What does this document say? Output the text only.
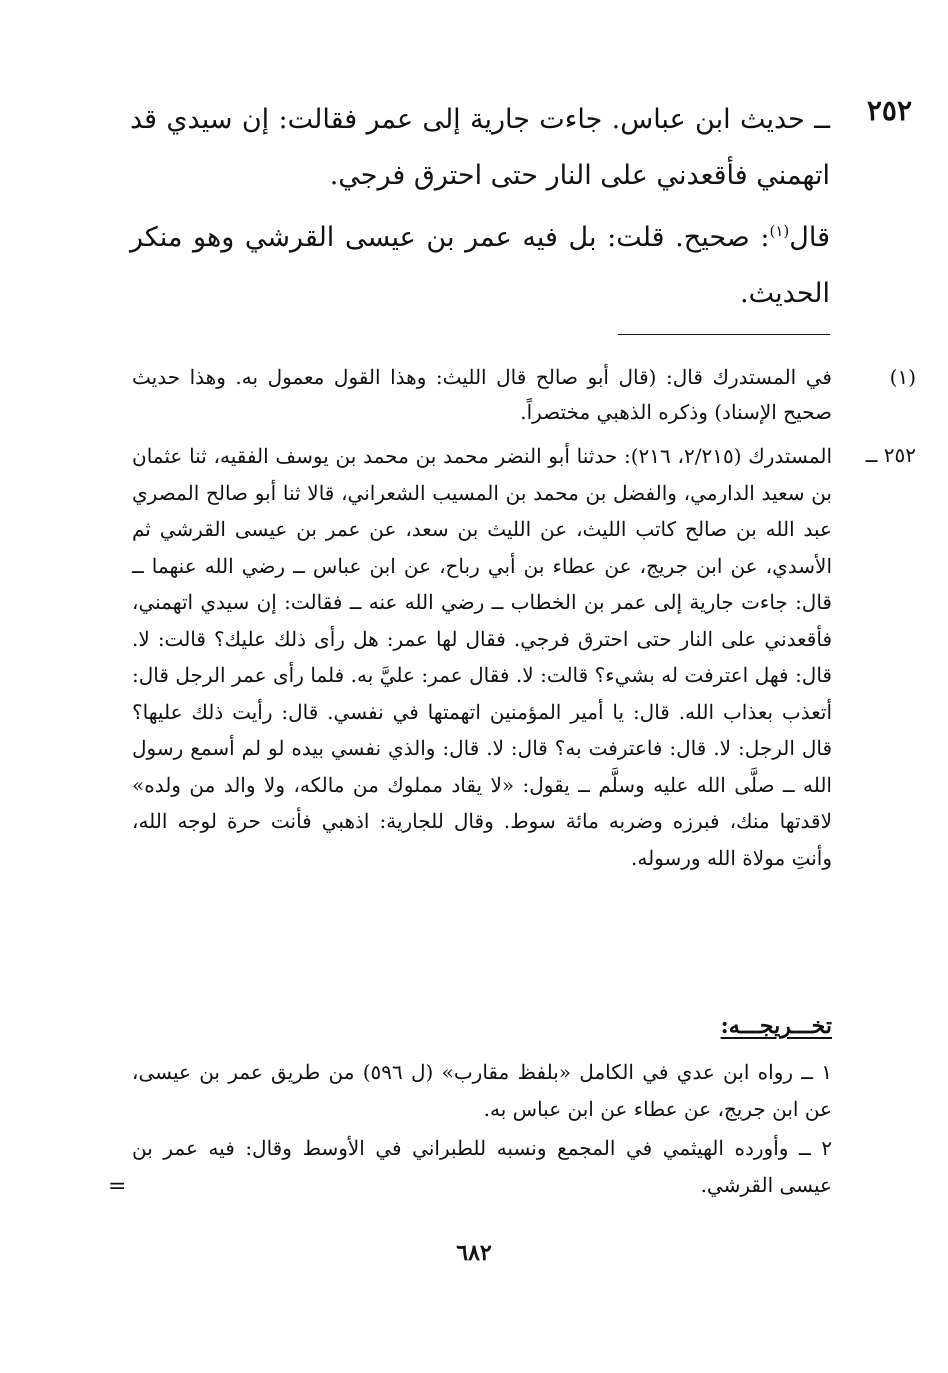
٢٥٢

ــ حديث ابن عباس. جاءت جارية إلى عمر فقالت: إن سيدي قد اتهمني فأقعدني على النار حتى احترق فرجي.

قال$^{(١)}$: صحيح. قلت: بل فيه عمر بن عيسى القرشي وهو منكر الحديث.

(١)

في المستدرك قال: (قال أبو صالح قال الليث: وهذا القول معمول به. وهذا حديث صحيح الإسناد) وذكره الذهبي مختصراً.

٢٥٢ ــ

المستدرك (٢/٢١٥، ٢١٦): حدثنا أبو النضر محمد بن محمد بن يوسف الفقيه، ثنا عثمان بن سعيد الدارمي، والفضل بن محمد بن المسيب الشعراني، قالا ثنا أبو صالح المصري عبد الله بن صالح كاتب الليث، عن الليث بن سعد، عن عمر بن عيسى القرشي ثم الأسدي، عن ابن جريج، عن عطاء بن أبي رباح، عن ابن عباس ــ رضي الله عنهما ــ قال: جاءت جارية إلى عمر بن الخطاب ــ رضي الله عنه ــ فقالت: إن سيدي اتهمني، فأقعدني على النار حتى احترق فرجي. فقال لها عمر: هل رأى ذلك عليك؟ قالت: لا. قال: فهل اعترفت له بشيء؟ قالت: لا. فقال عمر: عليَّ به. فلما رأى عمر الرجل قال: أتعذب بعذاب الله. قال: يا أمير المؤمنين اتهمتها في نفسي. قال: رأيت ذلك عليها؟ قال الرجل: لا. قال: فاعترفت به؟ قال: لا. قال: والذي نفسي بيده لو لم أسمع رسول الله ــ صلَّى الله عليه وسلَّم ــ يقول: «لا يقاد مملوك من مالكه، ولا والد من ولده» لاقدتها منك، فبرزه وضربه مائة سوط. وقال للجارية: اذهبي فأنت حرة لوجه الله، وأنتِ مولاة الله ورسوله.

تخـــريجـــه:

١ ــ رواه ابن عدي في الكامل «بلفظ مقارب» (ل ٥٩٦) من طريق عمر بن عيسى، عن ابن جريج، عن عطاء عن ابن عباس به.

٢ ــ وأورده الهيثمي في المجمع ونسبه للطبراني في الأوسط وقال: فيه عمر بن عيسى القرشي.

=
٦٨٢
